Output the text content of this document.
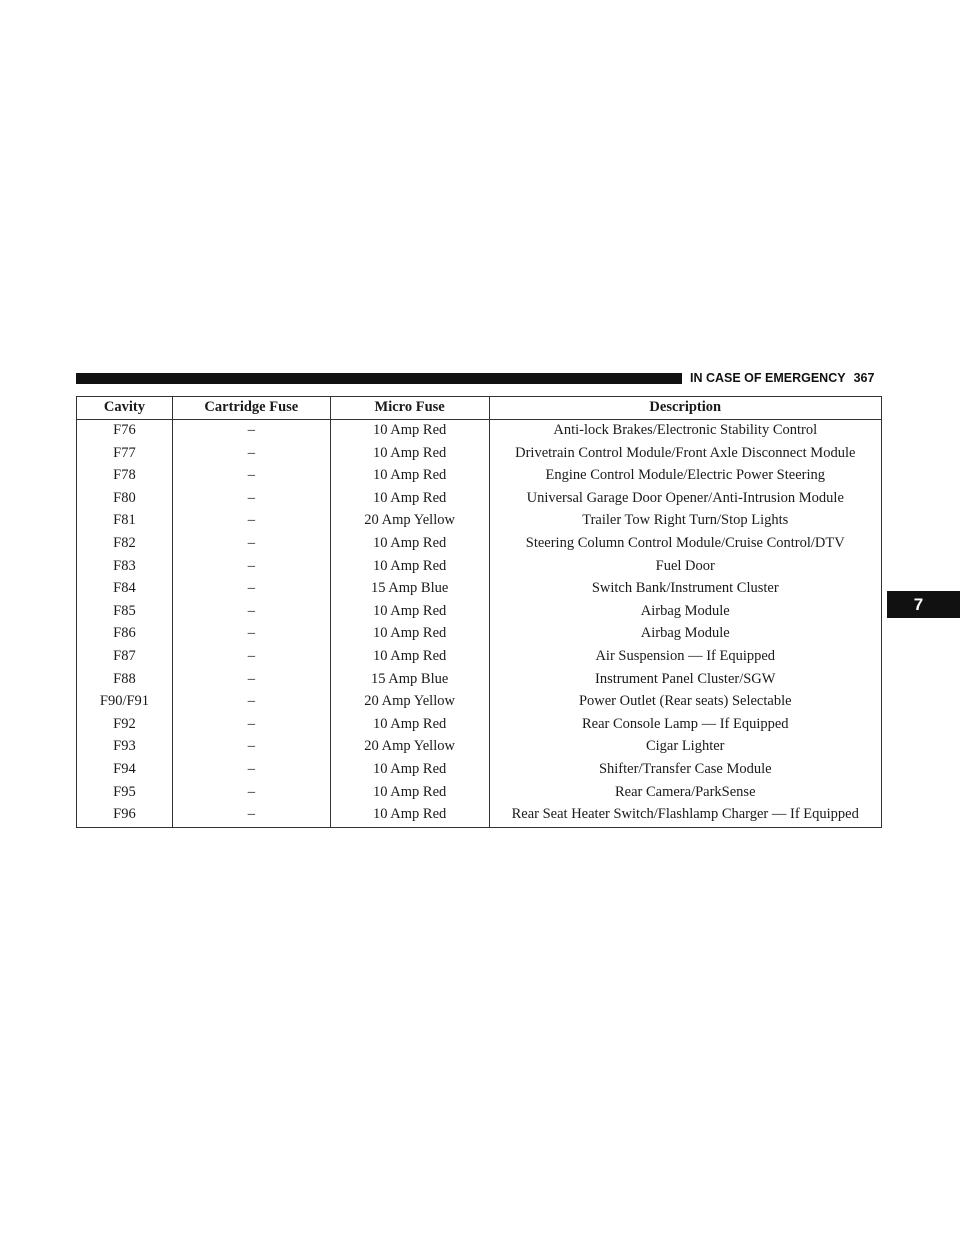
IN CASE OF EMERGENCY 367
7
Cavity	Cartridge Fuse	Micro Fuse	Description
F76	–	10 Amp Red	Anti-lock Brakes/Electronic Stability Control
F77	–	10 Amp Red	Drivetrain Control Module/Front Axle Disconnect Module
F78	–	10 Amp Red	Engine Control Module/Electric Power Steering
F80	–	10 Amp Red	Universal Garage Door Opener/Anti-Intrusion Module
F81	–	20 Amp Yellow	Trailer Tow Right Turn/Stop Lights
F82	–	10 Amp Red	Steering Column Control Module/Cruise Control/DTV
F83	–	10 Amp Red	Fuel Door
F84	–	15 Amp Blue	Switch Bank/Instrument Cluster
F85	–	10 Amp Red	Airbag Module
F86	–	10 Amp Red	Airbag Module
F87	–	10 Amp Red	Air Suspension — If Equipped
F88	–	15 Amp Blue	Instrument Panel Cluster/SGW
F90/F91	–	20 Amp Yellow	Power Outlet (Rear seats) Selectable
F92	–	10 Amp Red	Rear Console Lamp — If Equipped
F93	–	20 Amp Yellow	Cigar Lighter
F94	–	10 Amp Red	Shifter/Transfer Case Module
F95	–	10 Amp Red	Rear Camera/ParkSense
F96	–	10 Amp Red	Rear Seat Heater Switch/Flashlamp Charger — If Equipped
